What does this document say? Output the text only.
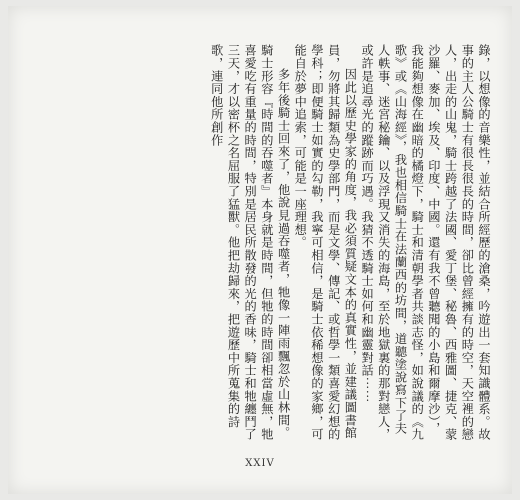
錄，以想像的音樂性，並結合所經歷的滄桑，吟遊出一套知識體系。故事的主人公騎士有很長很長的時間，卻比曾經擁有的時空，天空裡的戀人，出走的山鬼，騎士跨越了法國、愛丁堡、秘魯、西雅圖、捷克、蒙沙羅、麥加、埃及、印度、中國。還有我不曾聽聞的小島和爾摩沙），我能夠想像在幽暗的橘燈下，騎士和清朝學者共談志怪，如說議的《九歌》或《山海經》，我也相信騎士在法蘭西的坊間，道聽塗說寫下了夫人軼事、迷宮秘鑰、以及浮現又消失的海島，至於地獄裏的那對戀人，或許是追尋光的蹤跡而巧遇。我猜不透騎士如何和幽靈對話⋯⋯

因此以歷史學家的角度，我必須質疑文本的真實性，並建議圖書館員，勿將其歸類為史學部門，而是文學、傳記、或哲學一類喜愛幻想的學科；即便騎士如實的勾勒，我寧可相信，是騎士依稀想像的家鄉，可能自於夢中追索，可能是一座理想。

多年後騎士回來了，他說見過吞噬者，牠像一陣雨飄忽於山林間。騎士形容『時間的吞噬者』本身就是時間，但牠的時間卻相當虛無，牠喜愛吃有重量的時間，特別是居民所散發的光的香味，騎士和牠纏鬥了三天，才以密杯之名屈服了猛獸。他把劫歸來，把遊歷中所蒐集的詩歌，連同他所創作

XXIV
